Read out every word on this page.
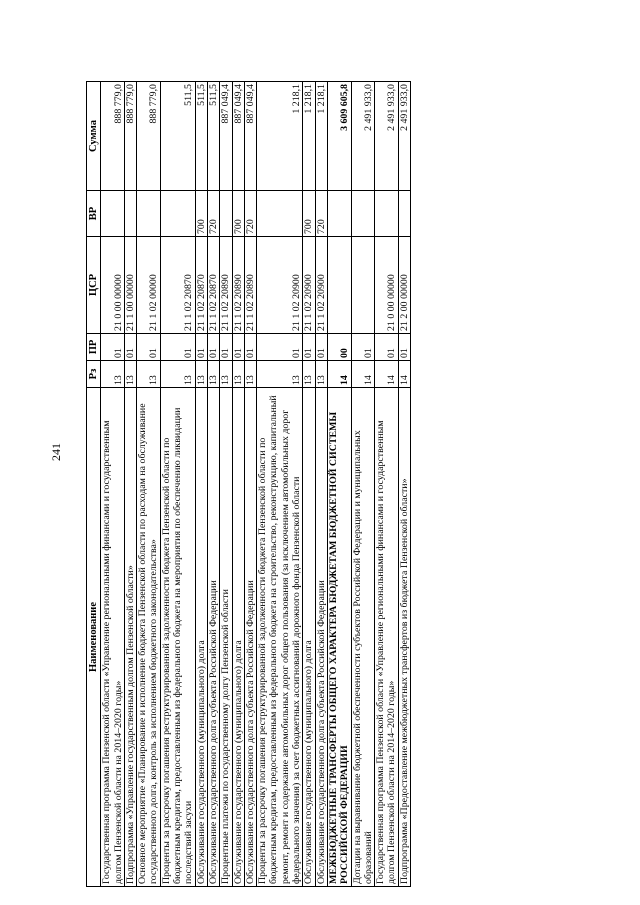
241
Наименование	Рз	ПР	ЦСР	ВР	Сумма
Государственная программа Пензенской области «Управление региональными финансами и государственным долгом Пензенской области на 2014–2020 годы»	13	01	21 0 00 00000		888 779,0
Подпрограмма «Управление государственным долгом Пензенской области»	13	01	21 1 00 00000		888 779,0
Основное мероприятие «Планирование и исполнение бюджета Пензенской области по расходам на обслуживание государственного долга, контроль за исполнением бюджетного законодательства»	13	01	21 1 02 00000		888 779,0
Проценты за рассрочку погашения реструктурированной задолженности бюджета Пензенской области по бюджетным кредитам, предоставленным из федерального бюджета на мероприятия по обеспечению ликвидации последствий засухи	13	01	21 1 02 20870		511,5
Обслуживание государственного (муниципального) долга	13	01	21 1 02 20870	700	511,5
Обслуживание государственного долга субъекта Российской Федерации	13	01	21 1 02 20870	720	511,5
Процентные платежи по государственному долгу Пензенской области	13	01	21 1 02 20890		887 049,4
Обслуживание государственного (муниципального) долга	13	01	21 1 02 20890	700	887 049,4
Обслуживание государственного долга субъекта Российской Федерации	13	01	21 1 02 20890	720	887 049,4
Проценты за рассрочку погашения реструктурированной задолженности бюджета Пензенской области по бюджетным кредитам, предоставленным из федерального бюджета на строительство, реконструкцию, капитальный ремонт, ремонт и содержание автомобильных дорог общего пользования (за исключением автомобильных дорог федерального значения) за счет бюджетных ассигнований дорожного фонда Пензенской области	13	01	21 1 02 20900		1 218,1
Обслуживание государственного (муниципального) долга	13	01	21 1 02 20900	700	1 218,1
Обслуживание государственного долга субъекта Российской Федерации	13	01	21 1 02 20900	720	1 218,1
МЕЖБЮДЖЕТНЫЕ ТРАНСФЕРТЫ ОБЩЕГО ХАРАКТЕРА БЮДЖЕТАМ БЮДЖЕТНОЙ СИСТЕМЫ РОССИЙСКОЙ ФЕДЕРАЦИИ	14	00			3 609 605,8
Дотации на выравнивание бюджетной обеспеченности субъектов Российской Федерации и муниципальных образований	14	01			2 491 933,0
Государственная программа Пензенской области «Управление региональными финансами и государственным долгом Пензенской области на 2014–2020 годы»	14	01	21 0 00 00000		2 491 933,0
Подпрограмма «Предоставление межбюджетных трансфертов из бюджета Пензенской области»	14	01	21 2 00 00000		2 491 933,0
